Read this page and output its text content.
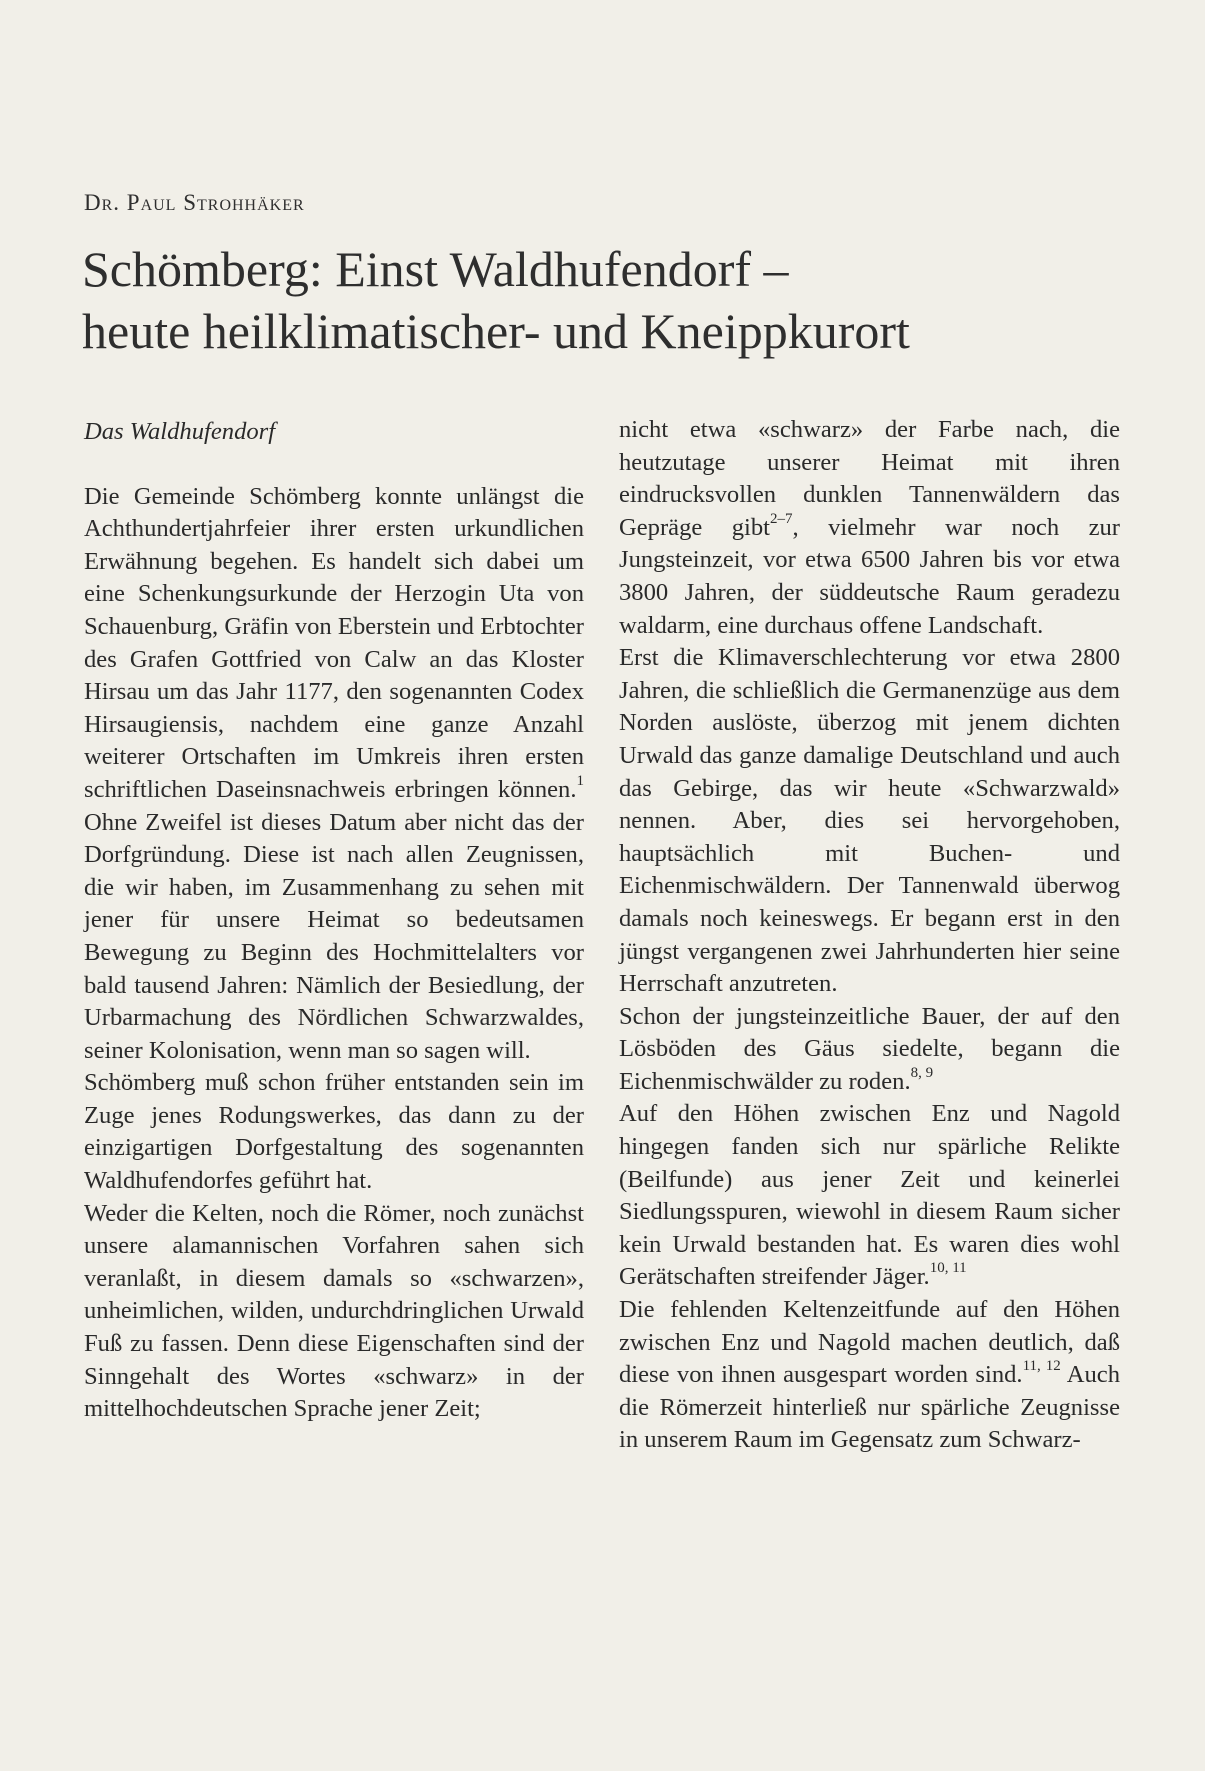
Dr. Paul Strohhäker
Schömberg: Einst Waldhufendorf –
heute heilklimatischer- und Kneippkurort
Das Waldhufendorf

Die Gemeinde Schömberg konnte unlängst die Achthundertjahrfeier ihrer ersten urkundlichen Erwähnung begehen. Es handelt sich dabei um eine Schenkungsurkunde der Herzogin Uta von Schauenburg, Gräfin von Eberstein und Erbtochter des Grafen Gottfried von Calw an das Kloster Hirsau um das Jahr 1177, den sogenannten Codex Hirsaugiensis, nachdem eine ganze Anzahl weiterer Ortschaften im Umkreis ihren ersten schriftlichen Daseinsnachweis erbringen können.$^1$ Ohne Zweifel ist dieses Datum aber nicht das der Dorfgründung. Diese ist nach allen Zeugnissen, die wir haben, im Zusammenhang zu sehen mit jener für unsere Heimat so bedeutsamen Bewegung zu Beginn des Hochmittelalters vor bald tausend Jahren: Nämlich der Besiedlung, der Urbarmachung des Nördlichen Schwarzwaldes, seiner Kolonisation, wenn man so sagen will.

Schömberg muß schon früher entstanden sein im Zuge jenes Rodungswerkes, das dann zu der einzigartigen Dorfgestaltung des sogenannten Waldhufendorfes geführt hat.

Weder die Kelten, noch die Römer, noch zunächst unsere alamannischen Vorfahren sahen sich veranlaßt, in diesem damals so «schwarzen», unheimlichen, wilden, undurchdringlichen Urwald Fuß zu fassen. Denn diese Eigenschaften sind der Sinngehalt des Wortes «schwarz» in der mittelhochdeutschen Sprache jener Zeit;

nicht etwa «schwarz» der Farbe nach, die heutzutage unserer Heimat mit ihren eindrucksvollen dunklen Tannenwäldern das Gepräge gibt$^{2-7}$, vielmehr war noch zur Jungsteinzeit, vor etwa 6500 Jahren bis vor etwa 3800 Jahren, der süddeutsche Raum geradezu waldarm, eine durchaus offene Landschaft.

Erst die Klimaverschlechterung vor etwa 2800 Jahren, die schließlich die Germanenzüge aus dem Norden auslöste, überzog mit jenem dichten Urwald das ganze damalige Deutschland und auch das Gebirge, das wir heute «Schwarzwald» nennen. Aber, dies sei hervorgehoben, hauptsächlich mit Buchen- und Eichenmischwäldern. Der Tannenwald überwog damals noch keineswegs. Er begann erst in den jüngst vergangenen zwei Jahrhunderten hier seine Herrschaft anzutreten.

Schon der jungsteinzeitliche Bauer, der auf den Lösböden des Gäus siedelte, begann die Eichenmischwälder zu roden.$^{8, 9}$

Auf den Höhen zwischen Enz und Nagold hingegen fanden sich nur spärliche Relikte (Beilfunde) aus jener Zeit und keinerlei Siedlungsspuren, wiewohl in diesem Raum sicher kein Urwald bestanden hat. Es waren dies wohl Gerätschaften streifender Jäger.$^{10, 11}$

Die fehlenden Keltenzeitfunde auf den Höhen zwischen Enz und Nagold machen deutlich, daß diese von ihnen ausgespart worden sind.$^{11, 12}$ Auch die Römerzeit hinterließ nur spärliche Zeugnisse in unserem Raum im Gegensatz zum Schwarz-
